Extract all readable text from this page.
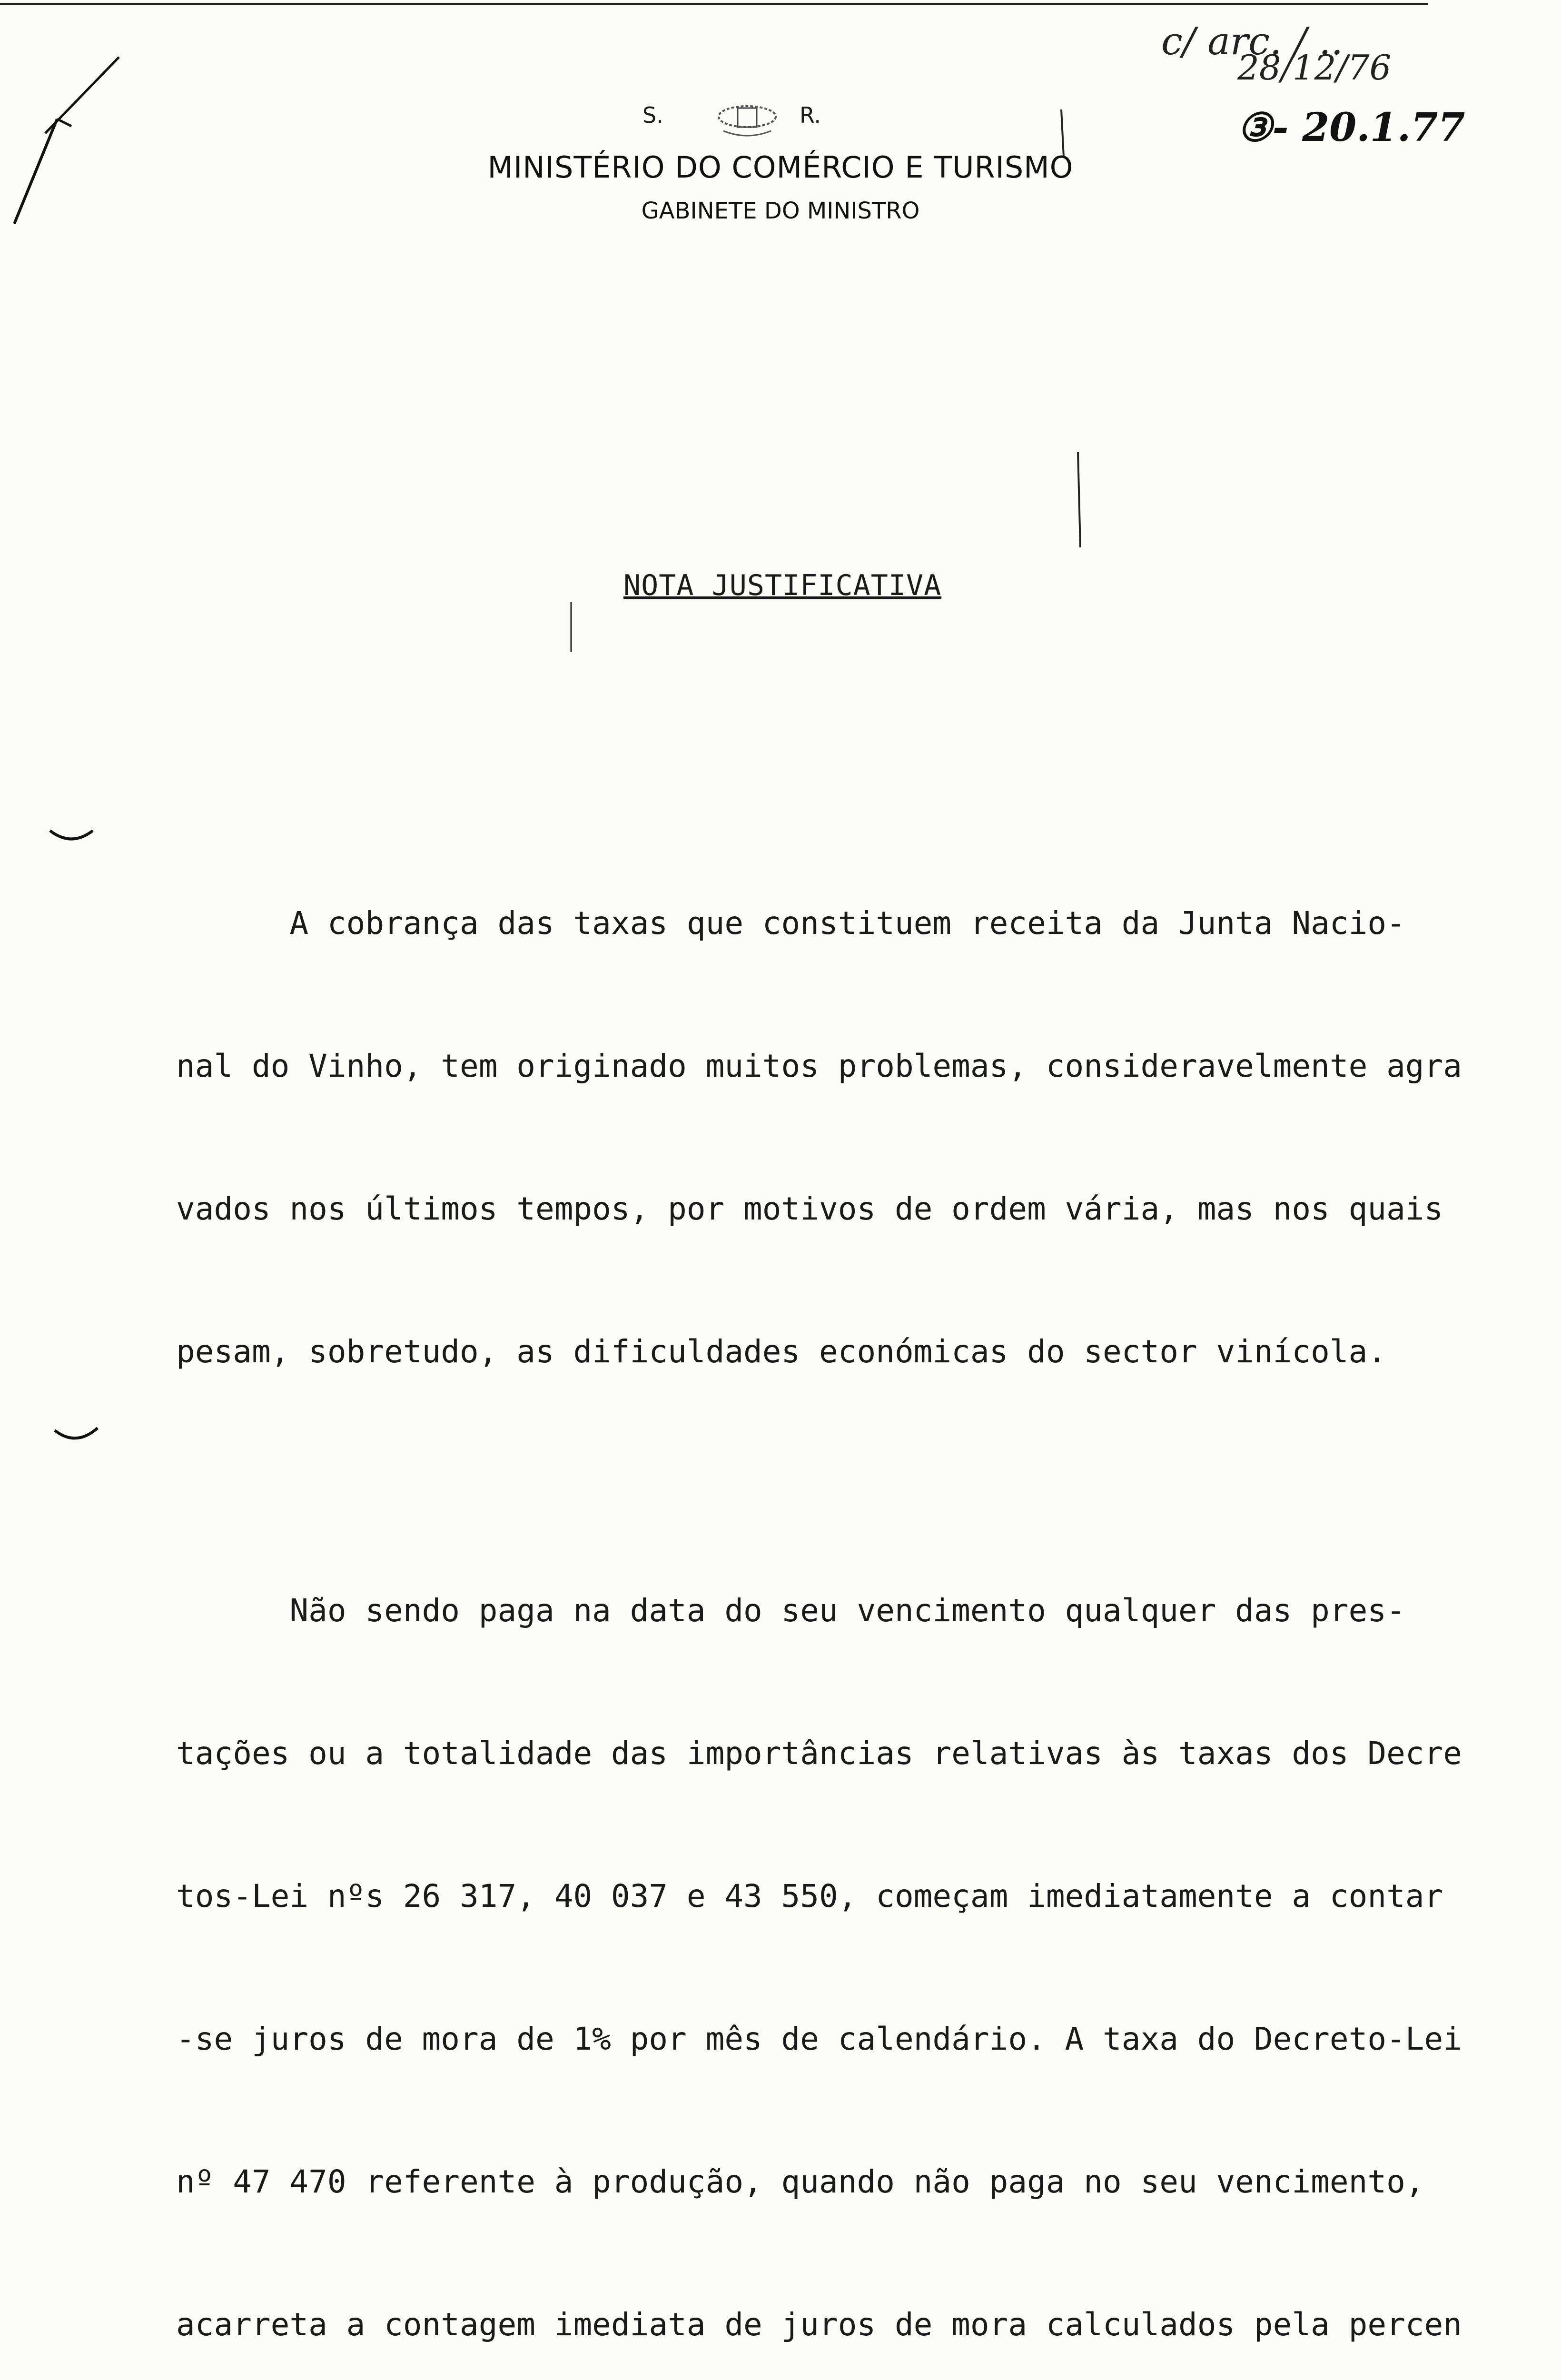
S.	R.
MINISTÉRIO DO COMÉRCIO E TURISMO
GABINETE DO MINISTRO
c/ arc. / ..
28/12/76
③- 20.1.77
NOTA JUSTIFICATIVA

A cobrança das taxas que constituem receita da Junta Nacio-

nal do Vinho, tem originado muitos problemas, consideravelmente agra

vados nos últimos tempos, por motivos de ordem vária, mas nos quais

pesam, sobretudo, as dificuldades económicas do sector vinícola.

Não sendo paga na data do seu vencimento qualquer das pres-

tações ou a totalidade das importâncias relativas às taxas dos Decre

tos-Lei nºs 26 317, 40 037 e 43 550, começam imediatamente a contar

-se juros de mora de 1% por mês de calendário. A taxa do Decreto-Lei

nº 47 470 referente à produção, quando não paga no seu vencimento,

acarreta a contagem imediata de juros de mora calculados pela percen
